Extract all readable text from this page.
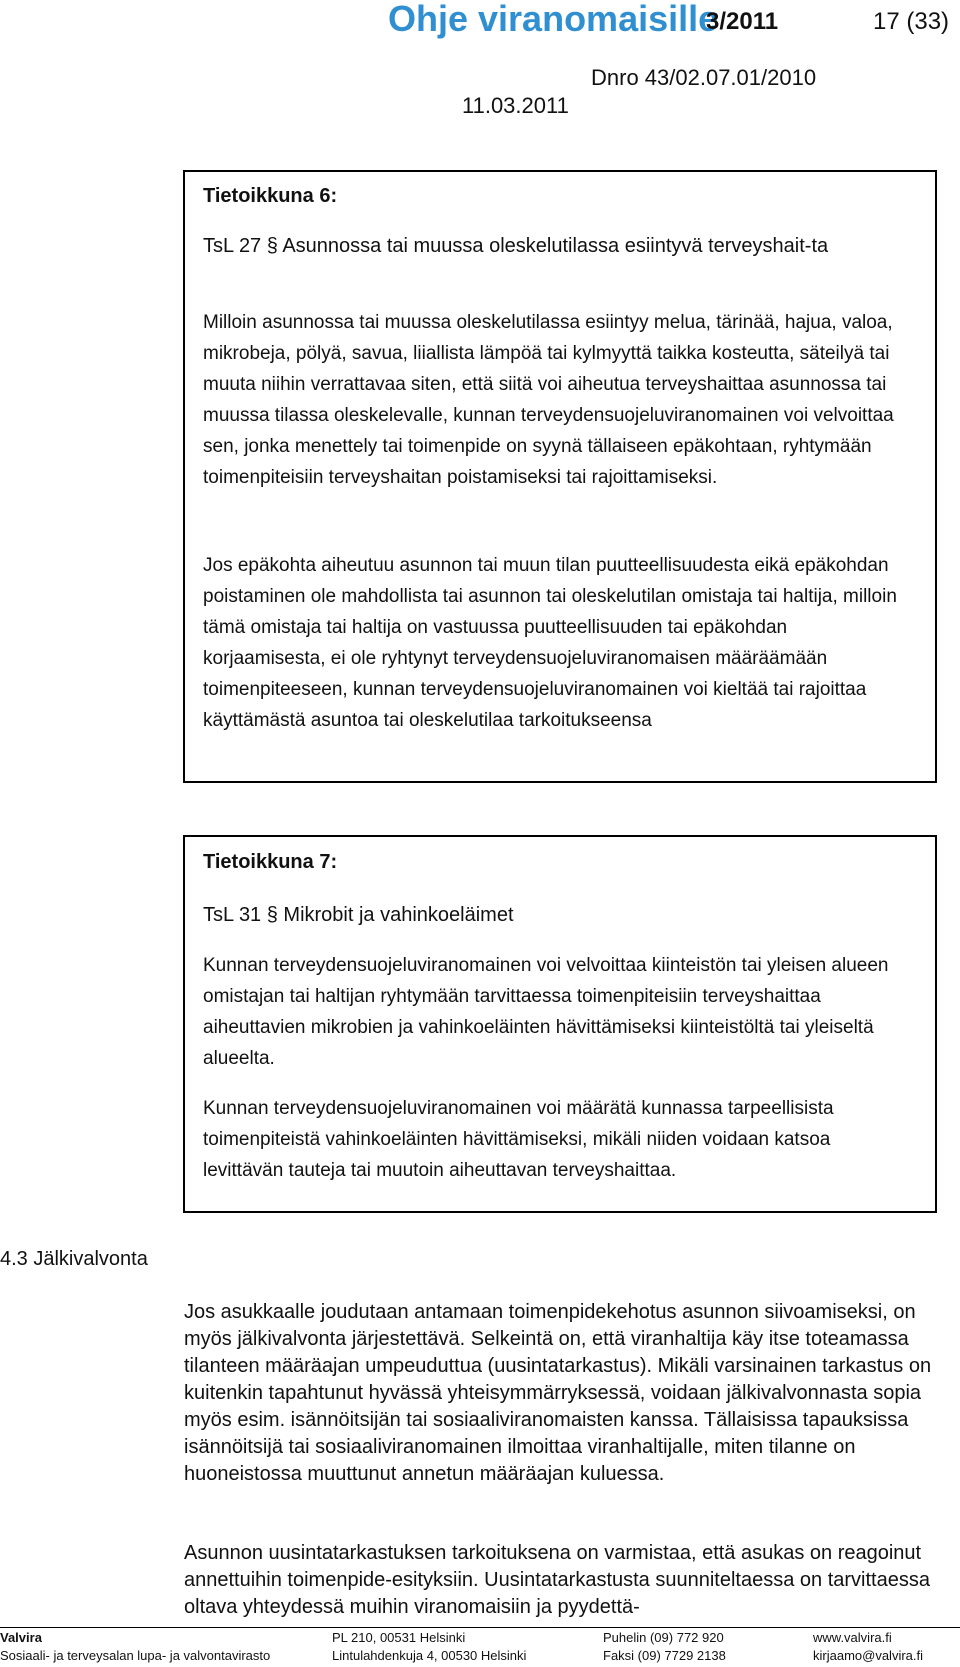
Ohje viranomaisille
3/2011	17 (33)
Dnro 43/02.07.01/2010
11.03.2011
Tietoikkuna 6:
TsL 27 § Asunnossa tai muussa oleskelutilassa esiintyvä terveyshait-ta
Milloin asunnossa tai muussa oleskelutilassa esiintyy melua, tärinää, hajua, valoa, mikrobeja, pölyä, savua, liiallista lämpöä tai kylmyyttä taikka kosteutta, säteilyä tai muuta niihin verrattavaa siten, että siitä voi aiheutua terveyshaittaa asunnossa tai muussa tilassa oleskelevalle, kunnan terveydensuojeluviranomainen voi velvoittaa sen, jonka menettely tai toimenpide on syynä tällaiseen epäkohtaan, ryhtymään toimenpiteisiin terveyshaitan poistamiseksi tai rajoittamiseksi.
Jos epäkohta aiheutuu asunnon tai muun tilan puutteellisuudesta eikä epäkohdan poistaminen ole mahdollista tai asunnon tai oleskelutilan omistaja tai haltija, milloin tämä omistaja tai haltija on vastuussa puutteellisuuden tai epäkohdan korjaamisesta, ei ole ryhtynyt terveydensuojeluviranomaisen määräämään toimenpiteeseen, kunnan terveydensuojeluviranomainen voi kieltää tai rajoittaa käyttämästä asuntoa tai oleskelutilaa tarkoitukseensa
Tietoikkuna 7:
TsL 31 § Mikrobit ja vahinkoeläimet
Kunnan terveydensuojeluviranomainen voi velvoittaa kiinteistön tai yleisen alueen omistajan tai haltijan ryhtymään tarvittaessa toimenpiteisiin terveyshaittaa aiheuttavien mikrobien ja vahinkoeläinten hävittämiseksi kiinteistöltä tai yleiseltä alueelta.
Kunnan terveydensuojeluviranomainen voi määrätä kunnassa tarpeellisista toimenpiteistä vahinkoeläinten hävittämiseksi, mikäli niiden voidaan katsoa levittävän tauteja tai muutoin aiheuttavan terveyshaittaa.
4.3 Jälkivalvonta
Jos asukkaalle joudutaan antamaan toimenpidekehotus asunnon siivoamiseksi, on myös jälkivalvonta järjestettävä. Selkeintä on, että viranhaltija käy itse toteamassa tilanteen määräajan umpeuduttua (uusintatarkastus). Mikäli varsinainen tarkastus on kuitenkin tapahtunut hyvässä yhteisymmärryksessä, voidaan jälkivalvonnasta sopia myös esim. isännöitsijän tai sosiaaliviranomaisten kanssa. Tällaisissa tapauksissa isännöitsijä tai sosiaaliviranomainen ilmoittaa viranhaltijalle, miten tilanne on huoneistossa muuttunut annetun määräajan kuluessa.
Asunnon uusintatarkastuksen tarkoituksena on varmistaa, että asukas on reagoinut annettuihin toimenpide-esityksiin. Uusintatarkastusta suunniteltaessa on tarvittaessa oltava yhteydessä muihin viranomaisiin ja pyydettä-
Valvira
Sosiaali- ja terveysalan lupa- ja valvontavirasto
PL 210, 00531 Helsinki
Lintulahdenkuja 4, 00530 Helsinki
Puhelin (09) 772 920
Faksi (09) 7729 2138
www.valvira.fi
kirjaamo@valvira.fi
